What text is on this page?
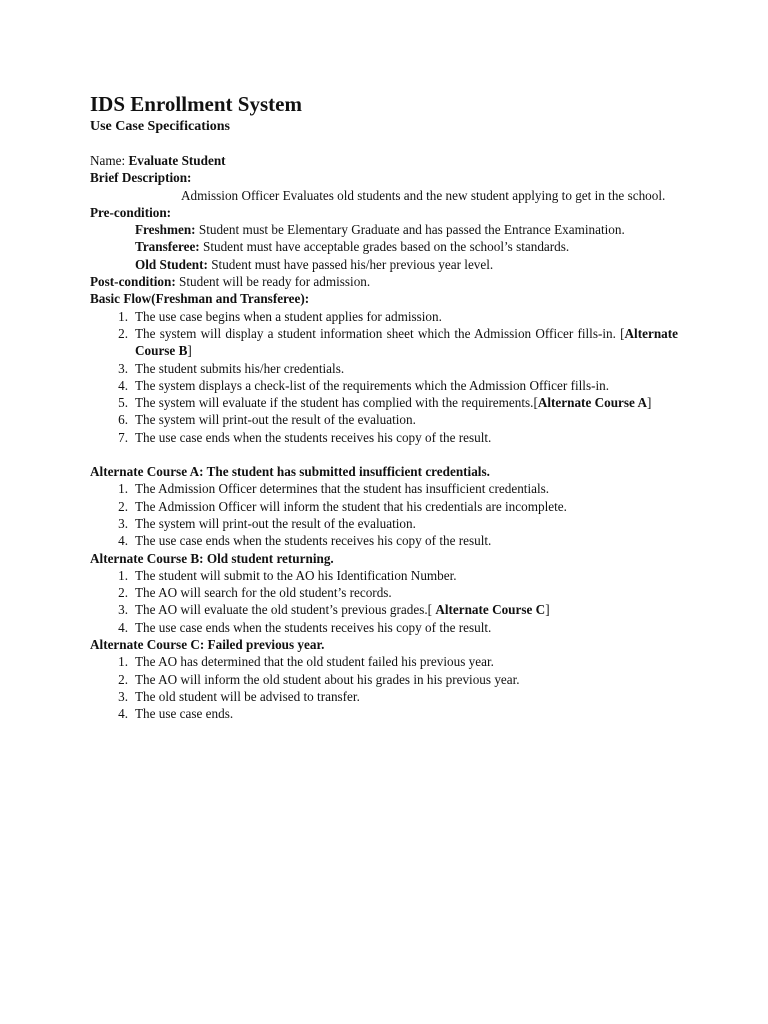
IDS Enrollment System
Use Case Specifications

Name: Evaluate Student

Brief Description:

Admission Officer Evaluates old students and the new student applying to get in the school.

Pre-condition:

Freshmen: Student must be Elementary Graduate and has passed the Entrance Examination.

Transferee: Student must have acceptable grades based on the school’s standards.

Old Student: Student must have passed his/her previous year level.

Post-condition: Student will be ready for admission.

Basic Flow(Freshman and Transferee):

1. The use case begins when a student applies for admission.
2. The system will display a student information sheet which the Admission Officer fills-in. [Alternate Course B]
3. The student submits his/her credentials.
4. The system displays a check-list of the requirements which the Admission Officer fills-in.
5. The system will evaluate if the student has complied with the requirements.[Alternate Course A]
6. The system will print-out the result of the evaluation.
7. The use case ends when the students receives his copy of the result.

Alternate Course A: The student has submitted insufficient credentials.

1. The Admission Officer determines that the student has insufficient credentials.
2. The Admission Officer will inform the student that his credentials are incomplete.
3. The system will print-out the result of the evaluation.
4. The use case ends when the students receives his copy of the result.

Alternate Course B: Old student returning.

1. The student will submit to the AO his Identification Number.
2. The AO will search for the old student’s records.
3. The AO will evaluate the old student’s previous grades.[ Alternate Course C]
4. The use case ends when the students receives his copy of the result.

Alternate Course C: Failed previous year.

1. The AO has determined that the old student failed his previous year.
2. The AO will inform the old student about his grades in his previous year.
3. The old student will be advised to transfer.
4. The use case ends.
